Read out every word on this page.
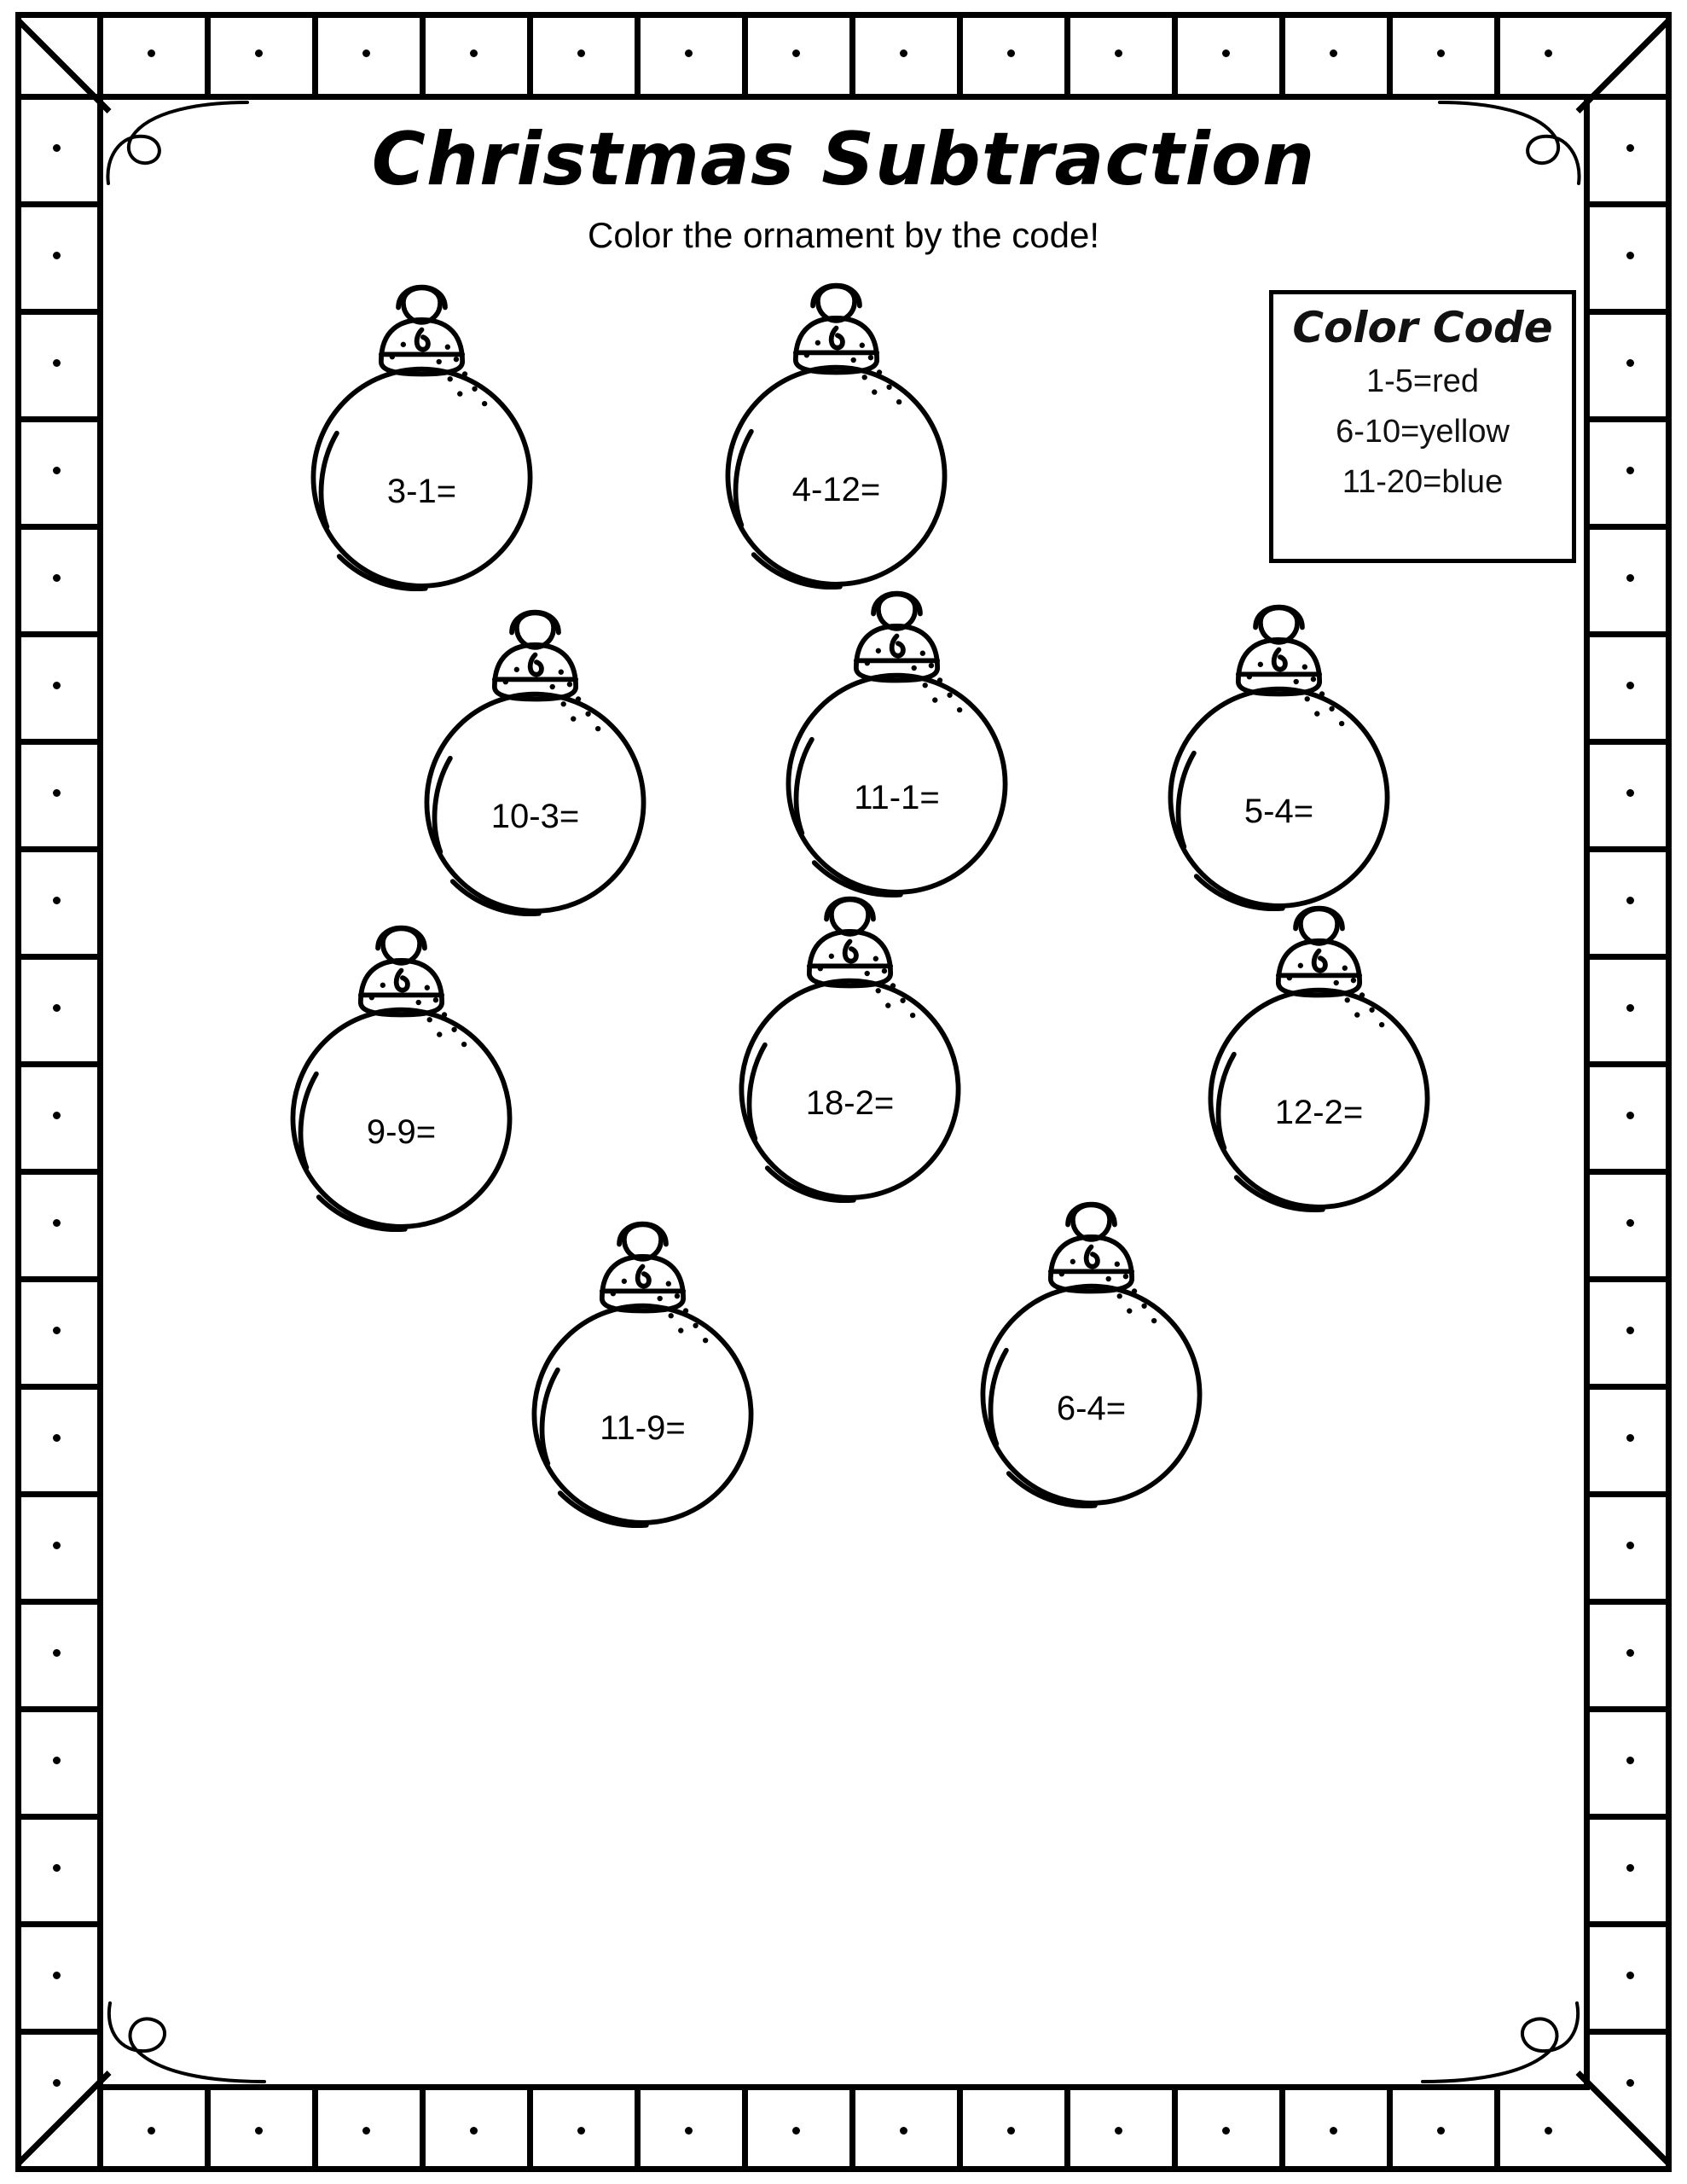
Christmas Subtraction
Color the ornament by the code!
Color Code
1-5=red
6-10=yellow
11-20=blue
3-1=	4-12=
10-3=	11-1=	5-4=
9-9=
18-2=	12-2=
11-9=
6-4=
